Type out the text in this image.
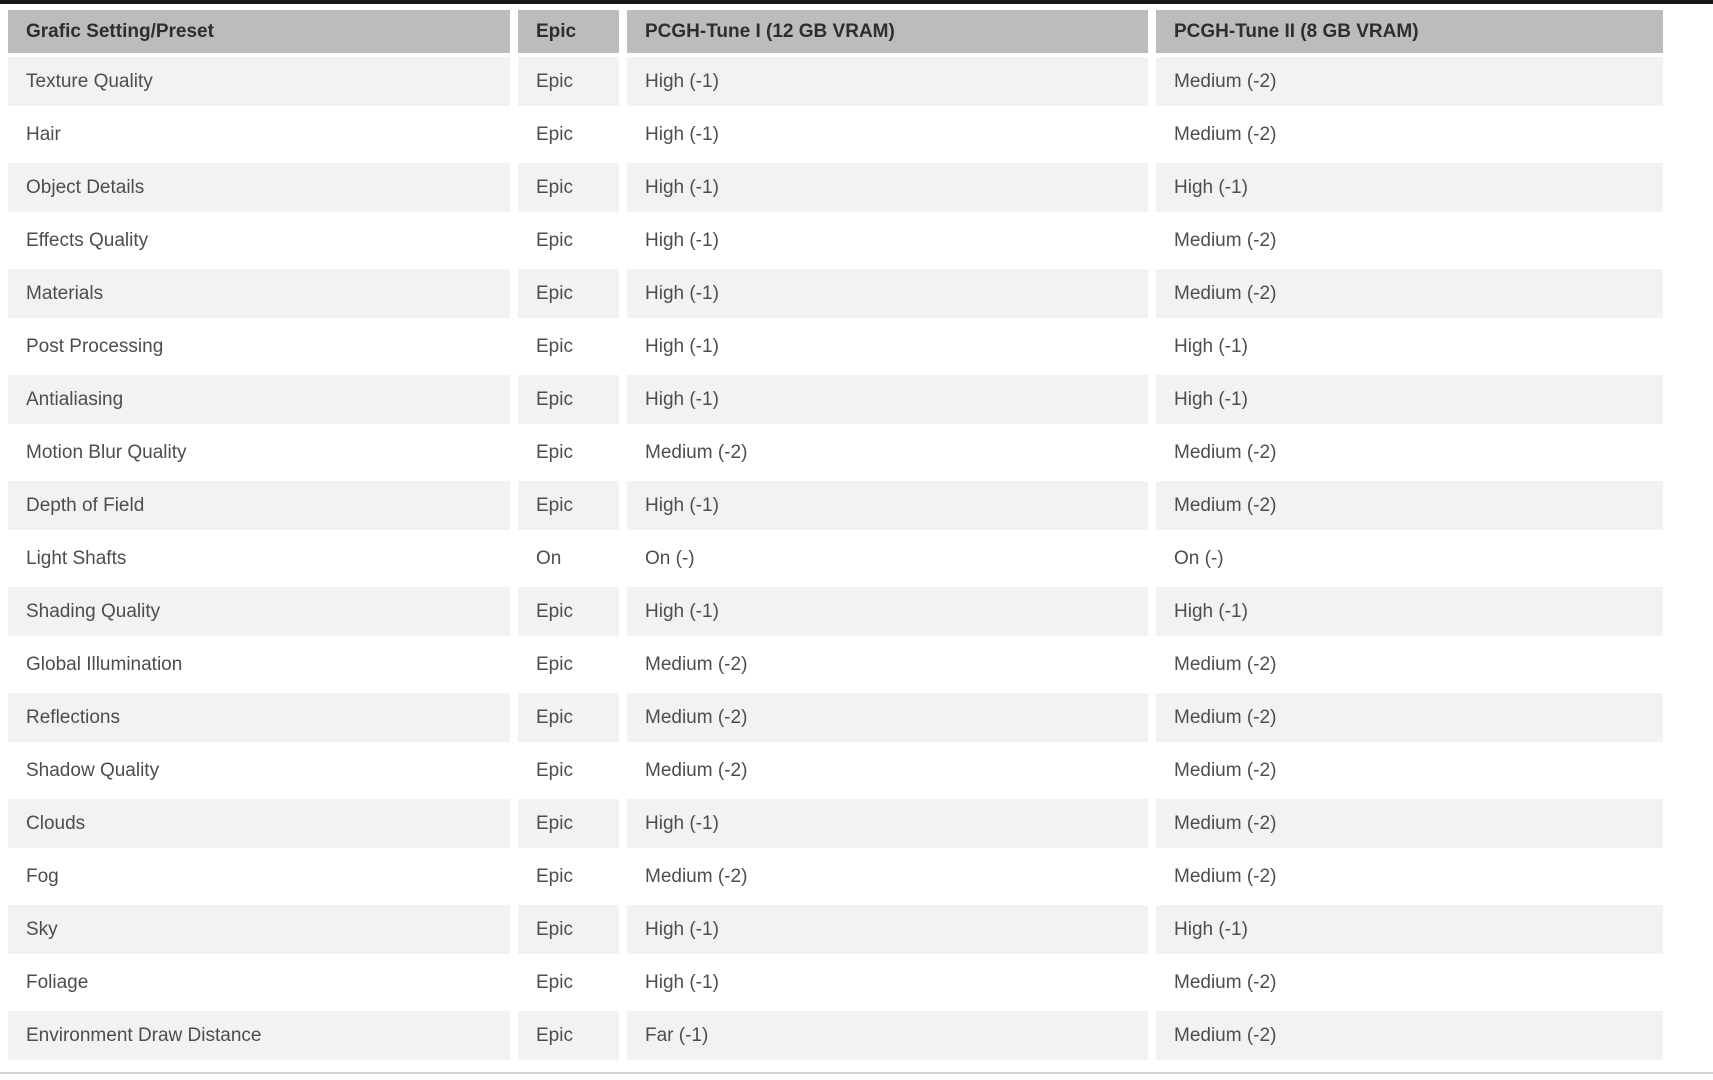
Grafic Setting/Preset	Epic	PCGH-Tune I (12 GB VRAM)	PCGH-Tune II (8 GB VRAM)
Texture Quality	Epic	High (-1)	Medium (-2)
Hair	Epic	High (-1)	Medium (-2)
Object Details	Epic	High (-1)	High (-1)
Effects Quality	Epic	High (-1)	Medium (-2)
Materials	Epic	High (-1)	Medium (-2)
Post Processing	Epic	High (-1)	High (-1)
Antialiasing	Epic	High (-1)	High (-1)
Motion Blur Quality	Epic	Medium (-2)	Medium (-2)
Depth of Field	Epic	High (-1)	Medium (-2)
Light Shafts	On	On (-)	On (-)
Shading Quality	Epic	High (-1)	High (-1)
Global Illumination	Epic	Medium (-2)	Medium (-2)
Reflections	Epic	Medium (-2)	Medium (-2)
Shadow Quality	Epic	Medium (-2)	Medium (-2)
Clouds	Epic	High (-1)	Medium (-2)
Fog	Epic	Medium (-2)	Medium (-2)
Sky	Epic	High (-1)	High (-1)
Foliage	Epic	High (-1)	Medium (-2)
Environment Draw Distance	Epic	Far (-1)	Medium (-2)
